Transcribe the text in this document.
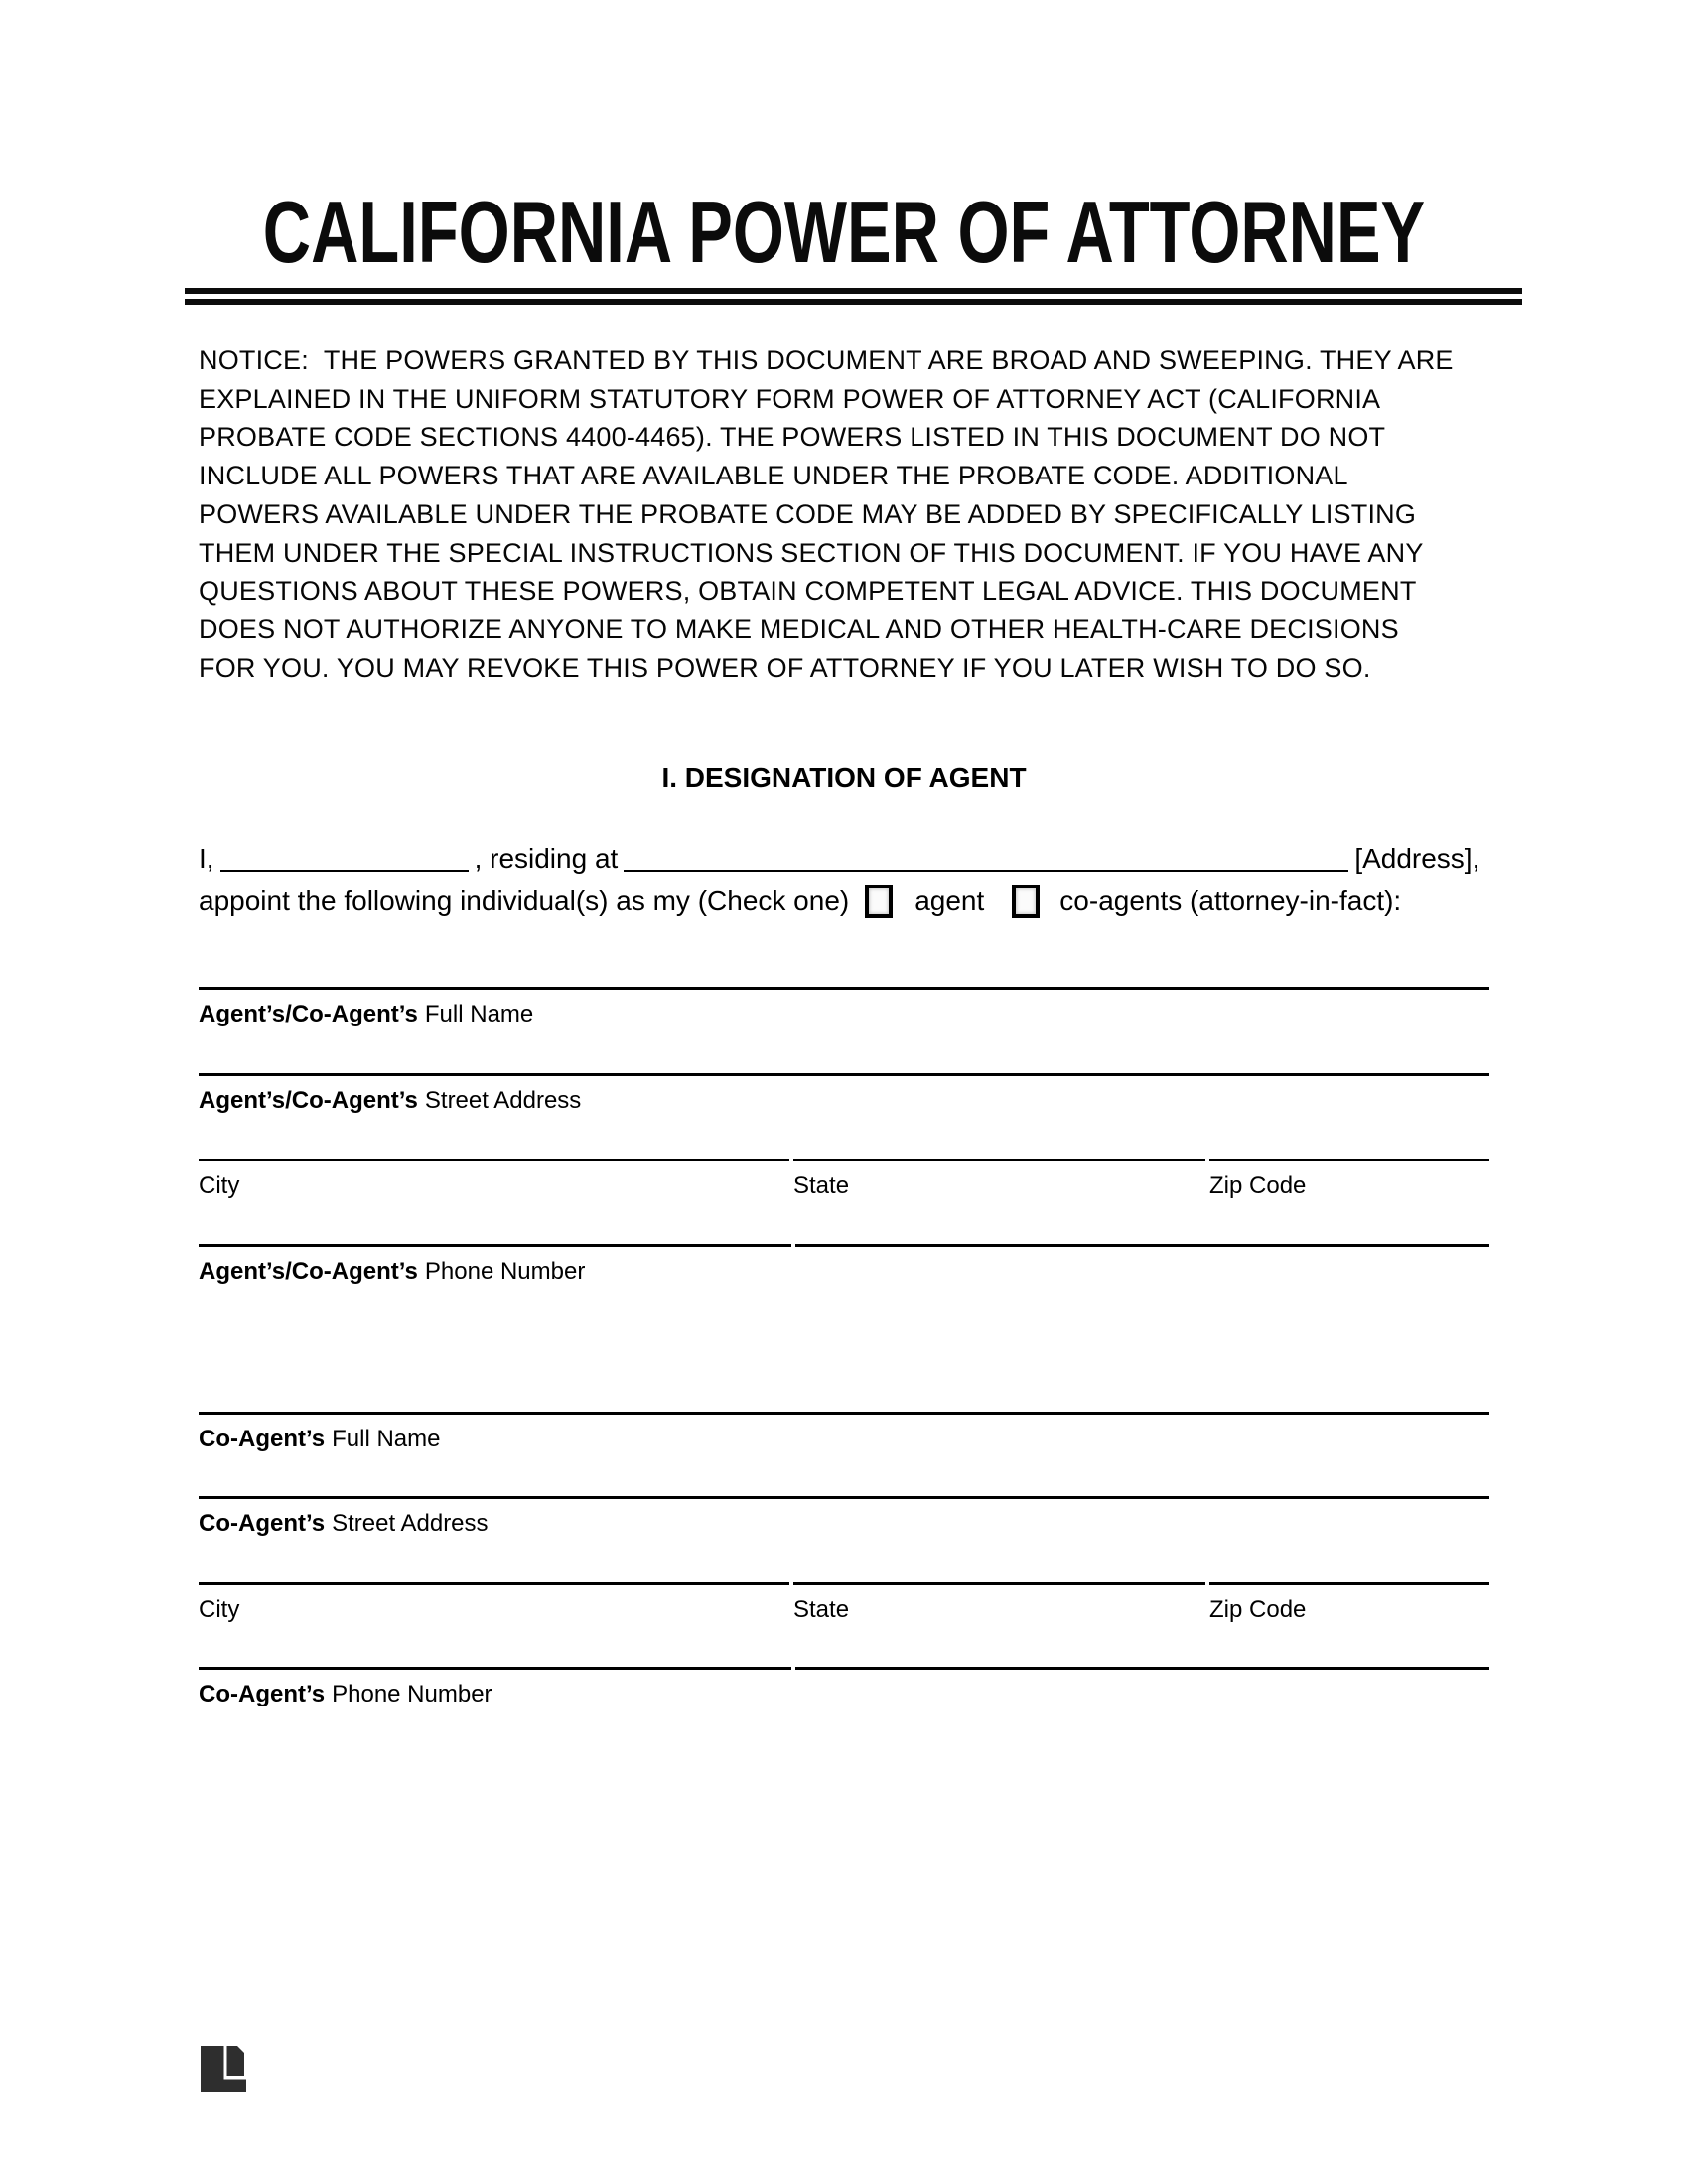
CALIFORNIA POWER OF ATTORNEY
NOTICE:  THE POWERS GRANTED BY THIS DOCUMENT ARE BROAD AND SWEEPING. THEY ARE
EXPLAINED IN THE UNIFORM STATUTORY FORM POWER OF ATTORNEY ACT (CALIFORNIA
PROBATE CODE SECTIONS 4400-4465). THE POWERS LISTED IN THIS DOCUMENT DO NOT
INCLUDE ALL POWERS THAT ARE AVAILABLE UNDER THE PROBATE CODE. ADDITIONAL
POWERS AVAILABLE UNDER THE PROBATE CODE MAY BE ADDED BY SPECIFICALLY LISTING
THEM UNDER THE SPECIAL INSTRUCTIONS SECTION OF THIS DOCUMENT. IF YOU HAVE ANY
QUESTIONS ABOUT THESE POWERS, OBTAIN COMPETENT LEGAL ADVICE. THIS DOCUMENT
DOES NOT AUTHORIZE ANYONE TO MAKE MEDICAL AND OTHER HEALTH-CARE DECISIONS
FOR YOU. YOU MAY REVOKE THIS POWER OF ATTORNEY IF YOU LATER WISH TO DO SO.
I. DESIGNATION OF AGENT
I,	, residing at	[Address],
appoint the following individual(s) as my (Check one) agent	co-agents (attorney-in-fact):
Agent’s/Co-Agent’s Full Name
Agent’s/Co-Agent’s Street Address
City	State	Zip Code
Agent’s/Co-Agent’s Phone Number
Co-Agent’s Full Name
Co-Agent’s Street Address
City	State	Zip Code
Co-Agent’s Phone Number
